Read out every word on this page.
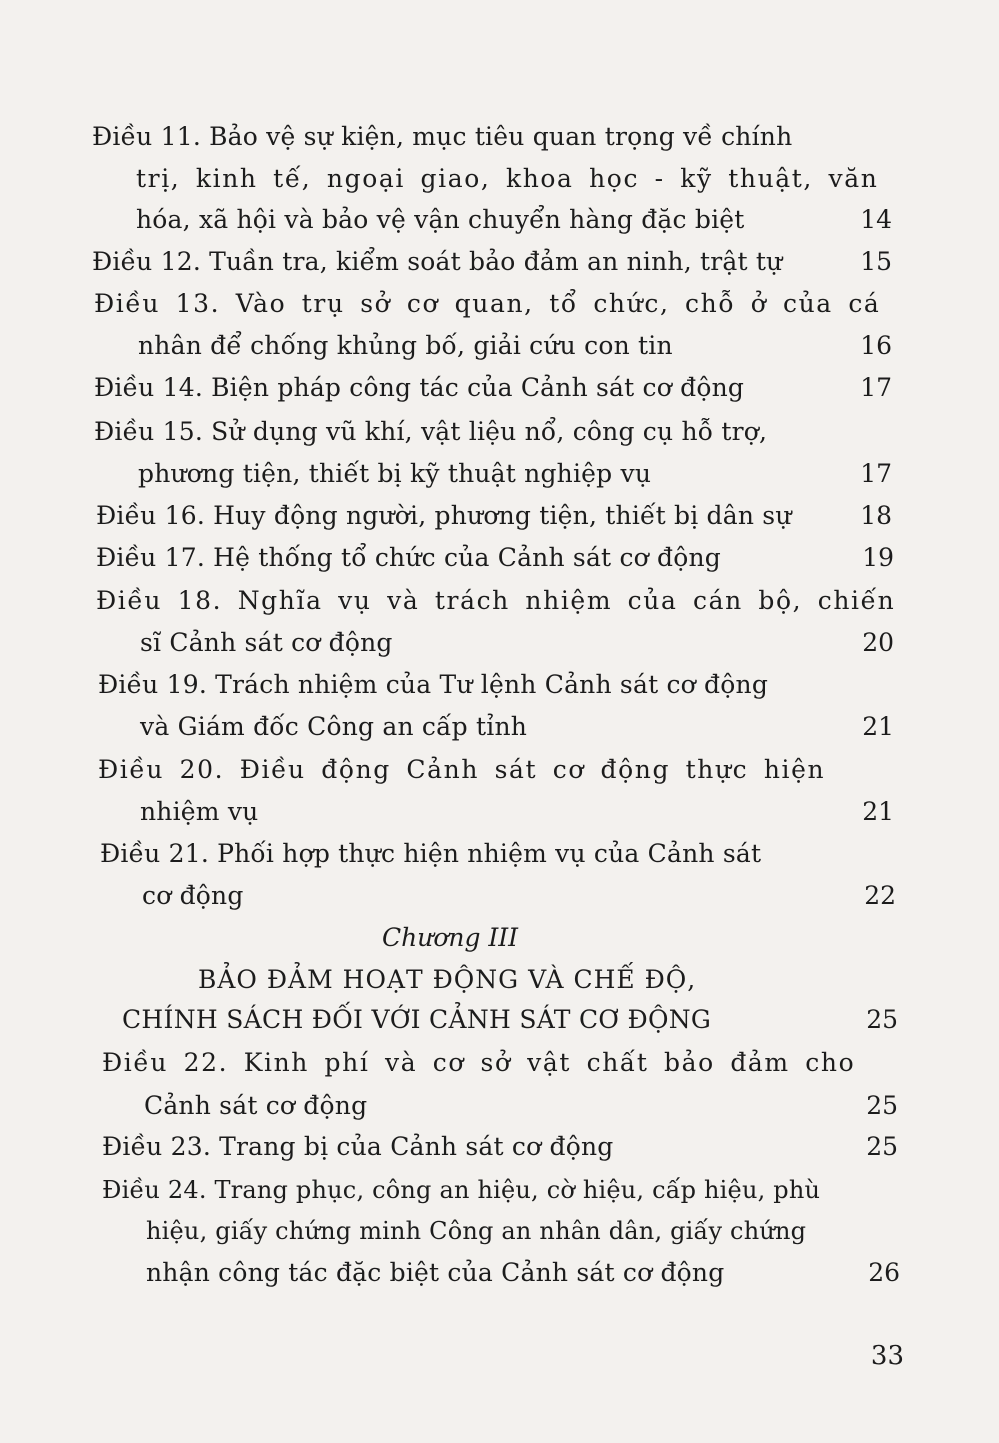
Điều 11. Bảo vệ sự kiện, mục tiêu quan trọng về chính
trị, kinh tế, ngoại giao, khoa học - kỹ thuật, văn
hóa, xã hội và bảo vệ vận chuyển hàng đặc biệt	14
Điều 12. Tuần tra, kiểm soát bảo đảm an ninh, trật tự	15
Điều 13. Vào trụ sở cơ quan, tổ chức, chỗ ở của cá
nhân để chống khủng bố, giải cứu con tin	16
Điều 14. Biện pháp công tác của Cảnh sát cơ động	17
Điều 15. Sử dụng vũ khí, vật liệu nổ, công cụ hỗ trợ,
phương tiện, thiết bị kỹ thuật nghiệp vụ	17
Điều 16. Huy động người, phương tiện, thiết bị dân sự	18
Điều 17. Hệ thống tổ chức của Cảnh sát cơ động	19
Điều 18. Nghĩa vụ và trách nhiệm của cán bộ, chiến
sĩ Cảnh sát cơ động	20
Điều 19. Trách nhiệm của Tư lệnh Cảnh sát cơ động
và Giám đốc Công an cấp tỉnh	21
Điều 20. Điều động Cảnh sát cơ động thực hiện
nhiệm vụ	21
Điều 21. Phối hợp thực hiện nhiệm vụ của Cảnh sát
cơ động	22
Chương III
BẢO ĐẢM HOẠT ĐỘNG VÀ CHẾ ĐỘ,
CHÍNH SÁCH ĐỐI VỚI CẢNH SÁT CƠ ĐỘNG	25
Điều 22. Kinh phí và cơ sở vật chất bảo đảm cho
Cảnh sát cơ động	25
Điều 23. Trang bị của Cảnh sát cơ động	25
Điều 24. Trang phục, công an hiệu, cờ hiệu, cấp hiệu, phù
hiệu, giấy chứng minh Công an nhân dân, giấy chứng
nhận công tác đặc biệt của Cảnh sát cơ động	26
33
